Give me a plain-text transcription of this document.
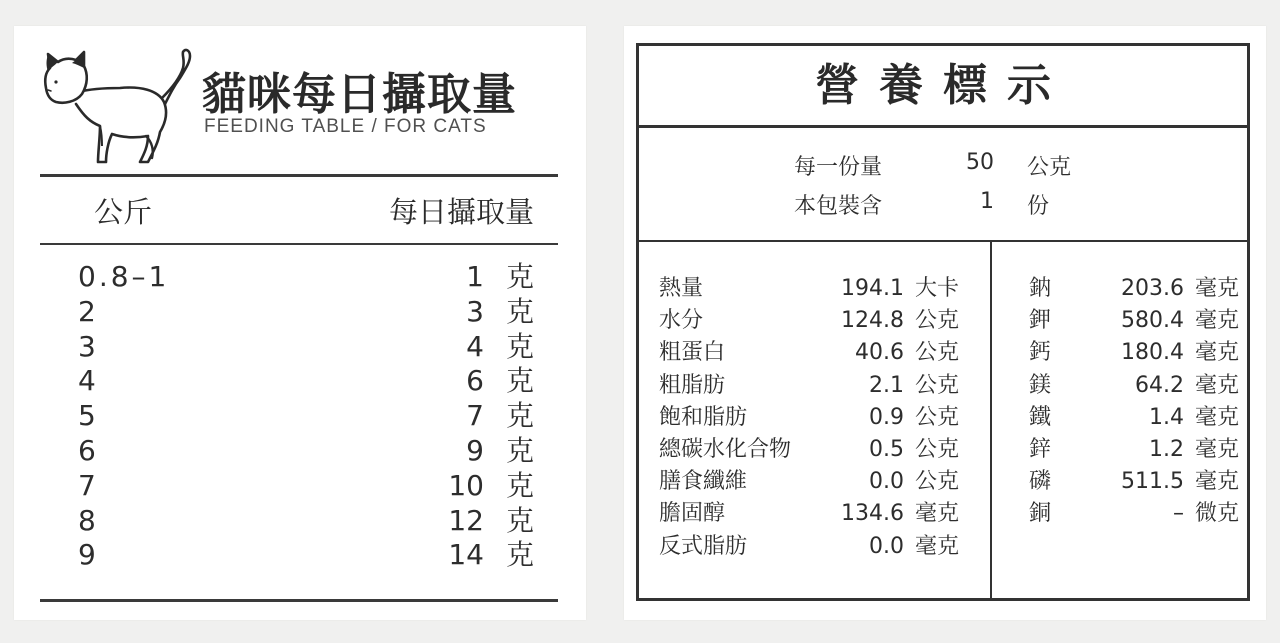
貓咪每日攝取量
FEEDING TABLE / FOR CATS
公斤	每日攝取量
0.8–1	1 克
2	3 克
3	4 克
4	6 克
5	7 克
6	9 克
7	10 克
8	12 克
9	14 克
營養標示
每一份量	50 公克
本包裝含	1 份
熱量	194.1 大卡
水分	124.8 公克
粗蛋白	40.6 公克
粗脂肪	2.1 公克
飽和脂肪	0.9 公克
總碳水化合物	0.5 公克
膳食纖維	0.0 公克
膽固醇	134.6 毫克
反式脂肪	0.0 毫克
鈉	203.6 毫克
鉀	580.4 毫克
鈣	180.4 毫克
鎂	64.2 毫克
鐵	1.4 毫克
鋅	1.2 毫克
磷	511.5 毫克
銅	– 微克
